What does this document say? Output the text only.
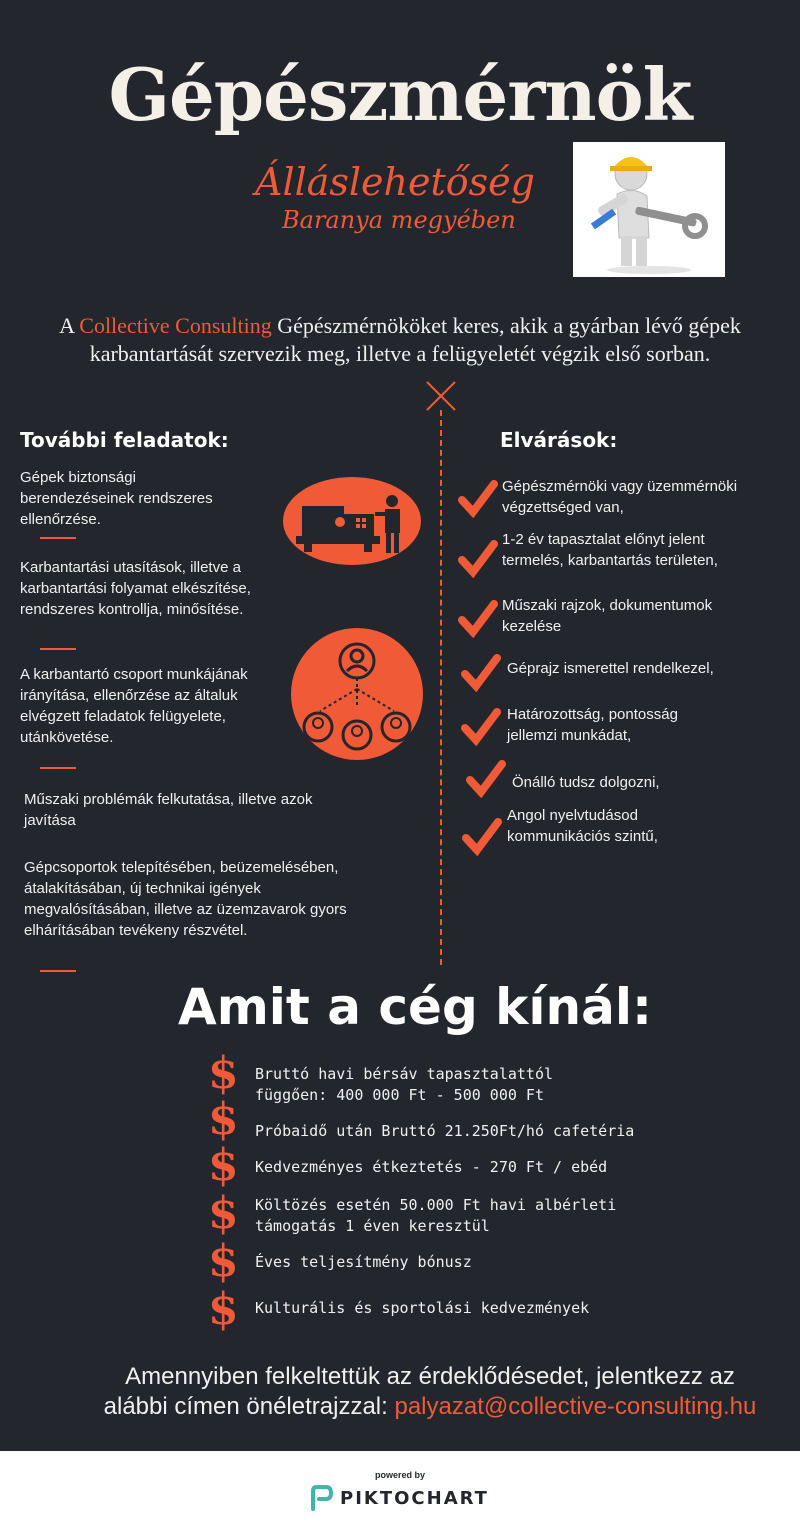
Gépészmérnök
Álláslehetőség
Baranya megyében
A Collective Consulting Gépészmérnököket keres, akik a gyárban lévő gépek karbantartását szervezik meg, illetve a felügyeletét végzik első sorban.
További feladatok:
Gépek biztonsági berendezéseinek rendszeres ellenőrzése.
Karbantartási utasítások, illetve a karbantartási folyamat elkészítése, rendszeres kontrollja, minősítése.
A karbantartó csoport munkájának irányítása, ellenőrzése az általuk elvégzett feladatok felügyelete, utánkövetése.
Műszaki problémák felkutatása, illetve azok javítása
Gépcsoportok telepítésében, beüzemelésében, átalakításában, új technikai igények megvalósításában, illetve az üzemzavarok gyors elhárításában tevékeny részvétel.
Elvárások:
Gépészmérnöki vagy üzemmérnöki végzettséged van,
1-2 év tapasztalat előnyt jelent termelés, karbantartás területen,
Műszaki rajzok, dokumentumok kezelése
Géprajz ismerettel rendelkezel,
Határozottság, pontosság jellemzi munkádat,
Önálló tudsz dolgozni,
Angol nyelvtudásod kommunikációs szintű,
Amit a cég kínál:
$
$
$
$
$
$
Bruttó havi bérsáv tapasztalattól függően: 400 000 Ft - 500 000 Ft
Próbaidő után Bruttó 21.250Ft/hó cafetéria
Kedvezményes étkeztetés - 270 Ft / ebéd
Költözés esetén 50.000 Ft havi albérleti támogatás 1 éven keresztül
Éves teljesítmény bónusz
Kulturális és sportolási kedvezmények
Amennyiben felkeltettük az érdeklődésedet, jelentkezz az
alábbi címen önéletrajzzal: palyazat@collective-consulting.hu
powered by
PIKTOCHART
